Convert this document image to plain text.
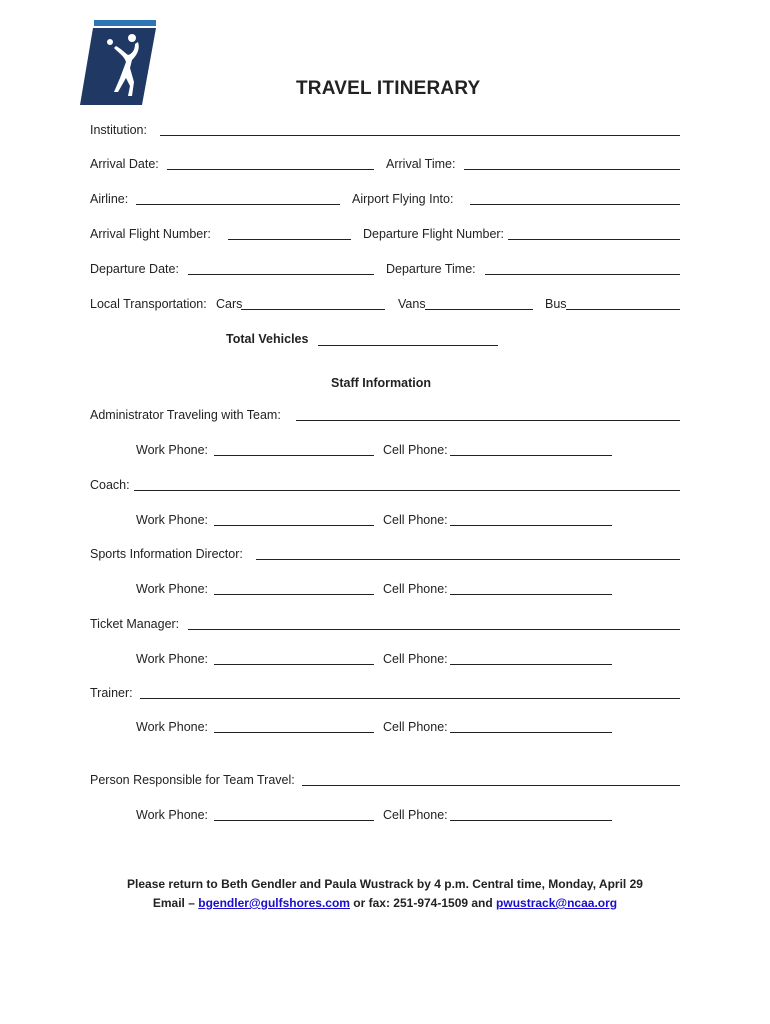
TRAVEL ITINERARY
Institution:
Arrival Date:	Arrival Time:
Airline:	Airport Flying Into:
Arrival Flight Number:	Departure Flight Number:
Departure Date:	Departure Time:
Local Transportation: Cars	Vans	Bus
Total Vehicles
Staff Information
Administrator Traveling with Team:
Work Phone:	Cell Phone:
Coach:
Work Phone:	Cell Phone:
Sports Information Director:
Work Phone:	Cell Phone:
Ticket Manager:
Work Phone:	Cell Phone:
Trainer:
Work Phone:	Cell Phone:
Person Responsible for Team Travel:
Work Phone:	Cell Phone:
Please return to Beth Gendler and Paula Wustrack by 4 p.m. Central time, Monday, April 29
Email – bgendler@gulfshores.com or fax: 251-974-1509 and pwustrack@ncaa.org
